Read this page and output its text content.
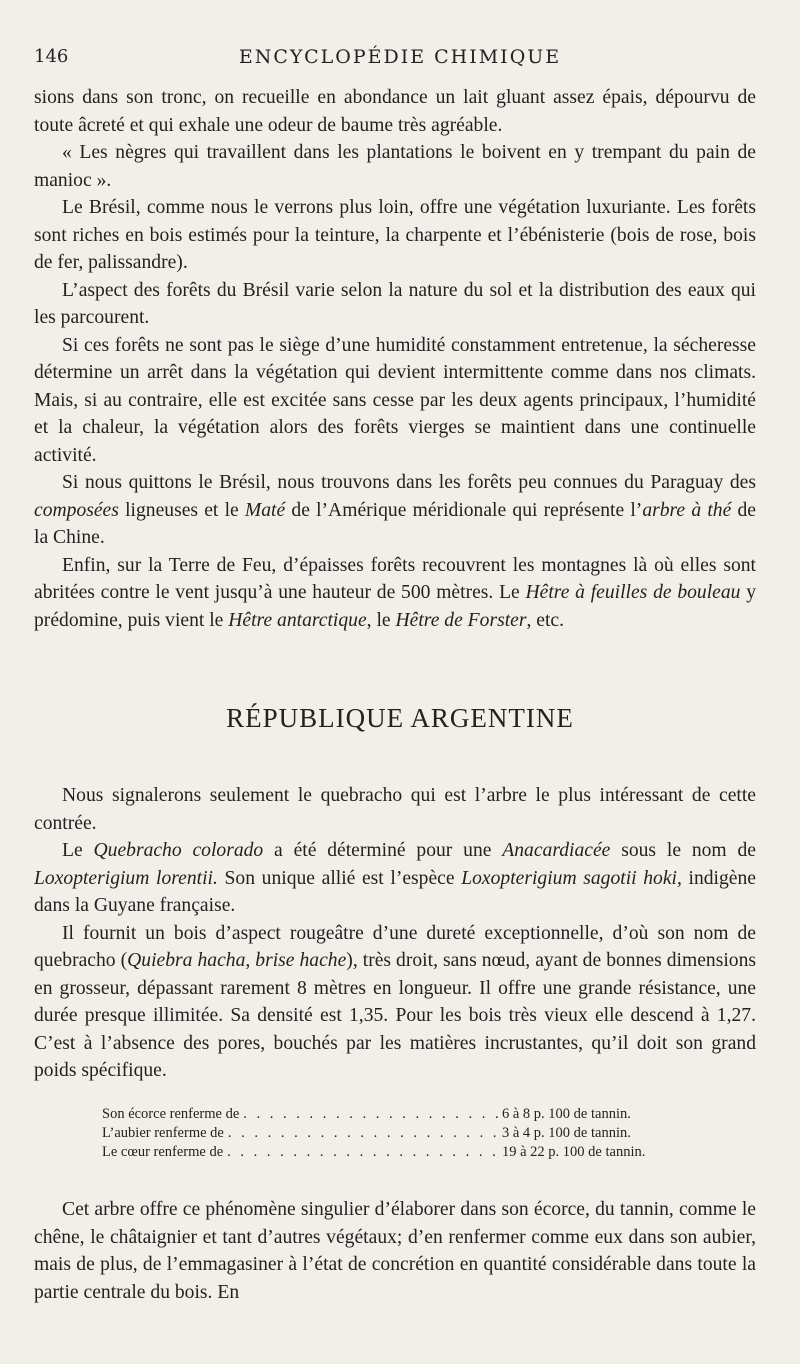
146	ENCYCLOPÉDIE CHIMIQUE

sions dans son tronc, on recueille en abondance un lait gluant assez épais, dépourvu de toute âcreté et qui exhale une odeur de baume très agréable.

« Les nègres qui travaillent dans les plantations le boivent en y trempant du pain de manioc ».

Le Brésil, comme nous le verrons plus loin, offre une végétation luxuriante. Les forêts sont riches en bois estimés pour la teinture, la charpente et l’ébénisterie (bois de rose, bois de fer, palissandre).

L’aspect des forêts du Brésil varie selon la nature du sol et la distribution des eaux qui les parcourent.

Si ces forêts ne sont pas le siège d’une humidité constamment entretenue, la sécheresse détermine un arrêt dans la végétation qui devient intermittente comme dans nos climats. Mais, si au contraire, elle est excitée sans cesse par les deux agents principaux, l’humidité et la chaleur, la végétation alors des forêts vierges se maintient dans une continuelle activité.

Si nous quittons le Brésil, nous trouvons dans les forêts peu connues du Paraguay des composées ligneuses et le Maté de l’Amérique méridionale qui représente l’arbre à thé de la Chine.

Enfin, sur la Terre de Feu, d’épaisses forêts recouvrent les montagnes là où elles sont abritées contre le vent jusqu’à une hauteur de 500 mètres. Le Hêtre à feuilles de bouleau y prédomine, puis vient le Hêtre antarctique, le Hêtre de Forster, etc.

RÉPUBLIQUE ARGENTINE

Nous signalerons seulement le quebracho qui est l’arbre le plus intéressant de cette contrée.

Le Quebracho colorado a été déterminé pour une Anacardiacée sous le nom de Loxopterigium lorentii. Son unique allié est l’espèce Loxopterigium sagotii hoki, indigène dans la Guyane française.

Il fournit un bois d’aspect rougeâtre d’une dureté exceptionnelle, d’où son nom de quebracho (Quiebra hacha, brise hache), très droit, sans nœud, ayant de bonnes dimensions en grosseur, dépassant rarement 8 mètres en longueur. Il offre une grande résistance, une durée presque illimitée. Sa densité est 1,35. Pour les bois très vieux elle descend à 1,27. C’est à l’absence des pores, bouchés par les matières incrustantes, qu’il doit son grand poids spécifique.

Son écorce renferme de . . .	6 à 8 p. 100 de tannin.
L’aubier renferme de . . .	3 à 4 p. 100 de tannin.
Le cœur renferme de . . .	19 à 22 p. 100 de tannin.

Cet arbre offre ce phénomène singulier d’élaborer dans son écorce, du tannin, comme le chêne, le châtaignier et tant d’autres végétaux; d’en renfermer comme eux dans son aubier, mais de plus, de l’emmagasiner à l’état de concrétion en quantité considérable dans toute la partie centrale du bois. En
